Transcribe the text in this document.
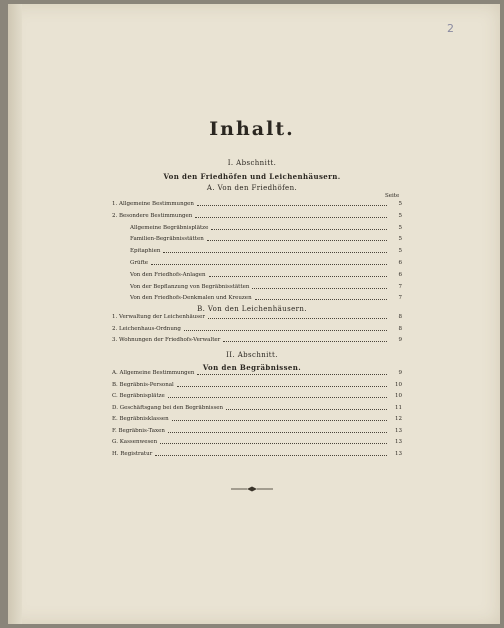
2
Inhalt.
I. Abschnitt.
Von den Friedhöfen und Leichenhäusern.
A. Von den Friedhöfen.
Seite
1. Allgemeine Bestimmungen	5
2. Besondere Bestimmungen	5
Allgemeine Begräbnisplätze	5
Familien-Begräbnisstätten	5
Epitaphien	5
Grüfte	6
Von den Friedhofs-Anlagen	6
Von der Bepflanzung von Begräbnisstätten	7
Von den Friedhofs-Denkmalen und Kreuzen	7
B. Von den Leichenhäusern.
1. Verwaltung der Leichenhäuser	8
2. Leichenhaus-Ordnung	8
3. Wohnungen der Friedhofs-Verwalter	9
II. Abschnitt.
Von den Begräbnissen.
A. Allgemeine Bestimmungen	9
B. Begräbnis-Personal	10
C. Begräbnisplätze	10
D. Geschäftsgang bei den Begräbnissen	11
E. Begräbnisklassen	12
F. Begräbnis-Taxen	13
G. Kassenwesen	13
H. Registratur	13
